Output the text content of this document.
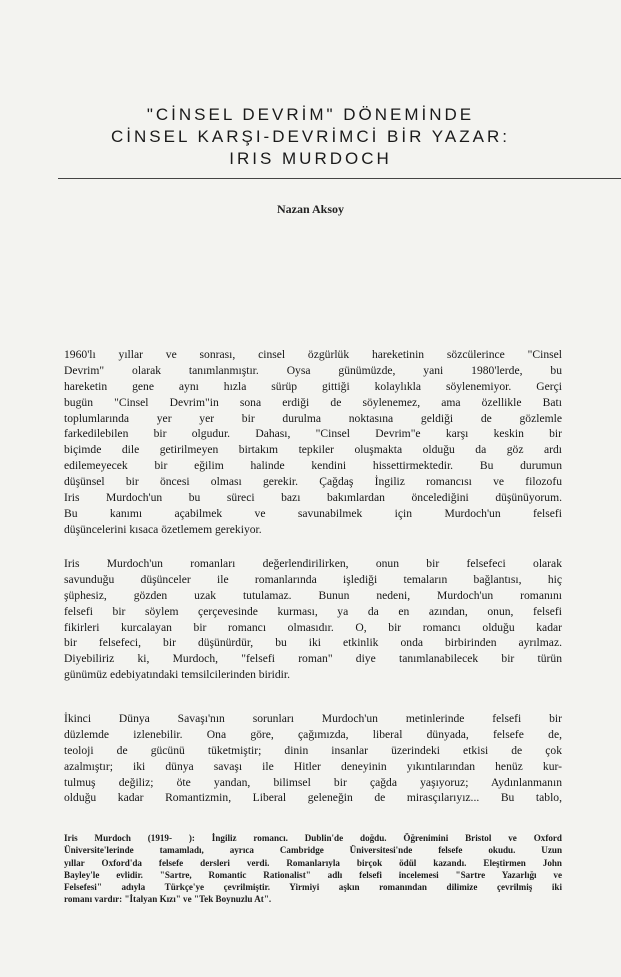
"CİNSEL DEVRİM" DÖNEMİNDE
CİNSEL KARŞI-DEVRİMCİ BİR YAZAR:
IRIS MURDOCH
Nazan Aksoy
1960'lı yıllar ve sonrası, cinsel özgürlük hareketinin sözcülerince "Cinsel
Devrim" olarak tanımlanmıştır. Oysa günümüzde, yani 1980'lerde, bu
hareketin gene aynı hızla sürüp gittiği kolaylıkla söylenemiyor. Gerçi
bugün "Cinsel Devrim"in sona erdiği de söylenemez, ama özellikle Batı
toplumlarında yer yer bir durulma noktasına geldiği de gözlemle
farkedilebilen bir olgudur. Dahası, "Cinsel Devrim"e karşı keskin bir
biçimde dile getirilmeyen birtakım tepkiler oluşmakta olduğu da göz ardı
edilemeyecek bir eğilim halinde kendini hissettirmektedir. Bu durumun
düşünsel bir öncesi olması gerekir. Çağdaş İngiliz romancısı ve filozofu
Iris Murdoch'un bu süreci bazı bakımlardan öncelediğini düşünüyorum.
Bu kanımı açabilmek ve savunabilmek için Murdoch'un felsefi
düşüncelerini kısaca özetlemem gerekiyor.
Iris Murdoch'un romanları değerlendirilirken, onun bir felsefeci olarak
savunduğu düşünceler ile romanlarında işlediği temaların bağlantısı, hiç
şüphesiz, gözden uzak tutulamaz. Bunun nedeni, Murdoch'un romanını
felsefi bir söylem çerçevesinde kurması, ya da en azından, onun, felsefi
fikirleri kurcalayan bir romancı olmasıdır. O, bir romancı olduğu kadar
bir felsefeci, bir düşünürdür, bu iki etkinlik onda birbirinden ayrılmaz.
Diyebiliriz ki, Murdoch, "felsefi roman" diye tanımlanabilecek bir türün
günümüz edebiyatındaki temsilcilerinden biridir.
İkinci Dünya Savaşı'nın sorunları Murdoch'un metinlerinde felsefi bir
düzlemde izlenebilir. Ona göre, çağımızda, liberal dünyada, felsefe de,
teoloji de gücünü tüketmiştir; dinin insanlar üzerindeki etkisi de çok
azalmıştır; iki dünya savaşı ile Hitler deneyinin yıkıntılarından henüz kur-
tulmuş değiliz; öte yandan, bilimsel bir çağda yaşıyoruz; Aydınlanmanın
olduğu kadar Romantizmin, Liberal geleneğin de mirasçılarıyız... Bu tablo,
Iris Murdoch (1919- ): İngiliz romancı. Dublin'de doğdu. Öğrenimini Bristol ve Oxford
Üniversite'lerinde tamamladı, ayrıca Cambridge Üniversitesi'nde felsefe okudu. Uzun
yıllar Oxford'da felsefe dersleri verdi. Romanlarıyla birçok ödül kazandı. Eleştirmen John
Bayley'le evlidir. "Sartre, Romantic Rationalist" adlı felsefi incelemesi "Sartre Yazarlığı ve
Felsefesi" adıyla Türkçe'ye çevrilmiştir. Yirmiyi aşkın romanından dilimize çevrilmiş iki
romanı vardır: "İtalyan Kızı" ve "Tek Boynuzlu At".
